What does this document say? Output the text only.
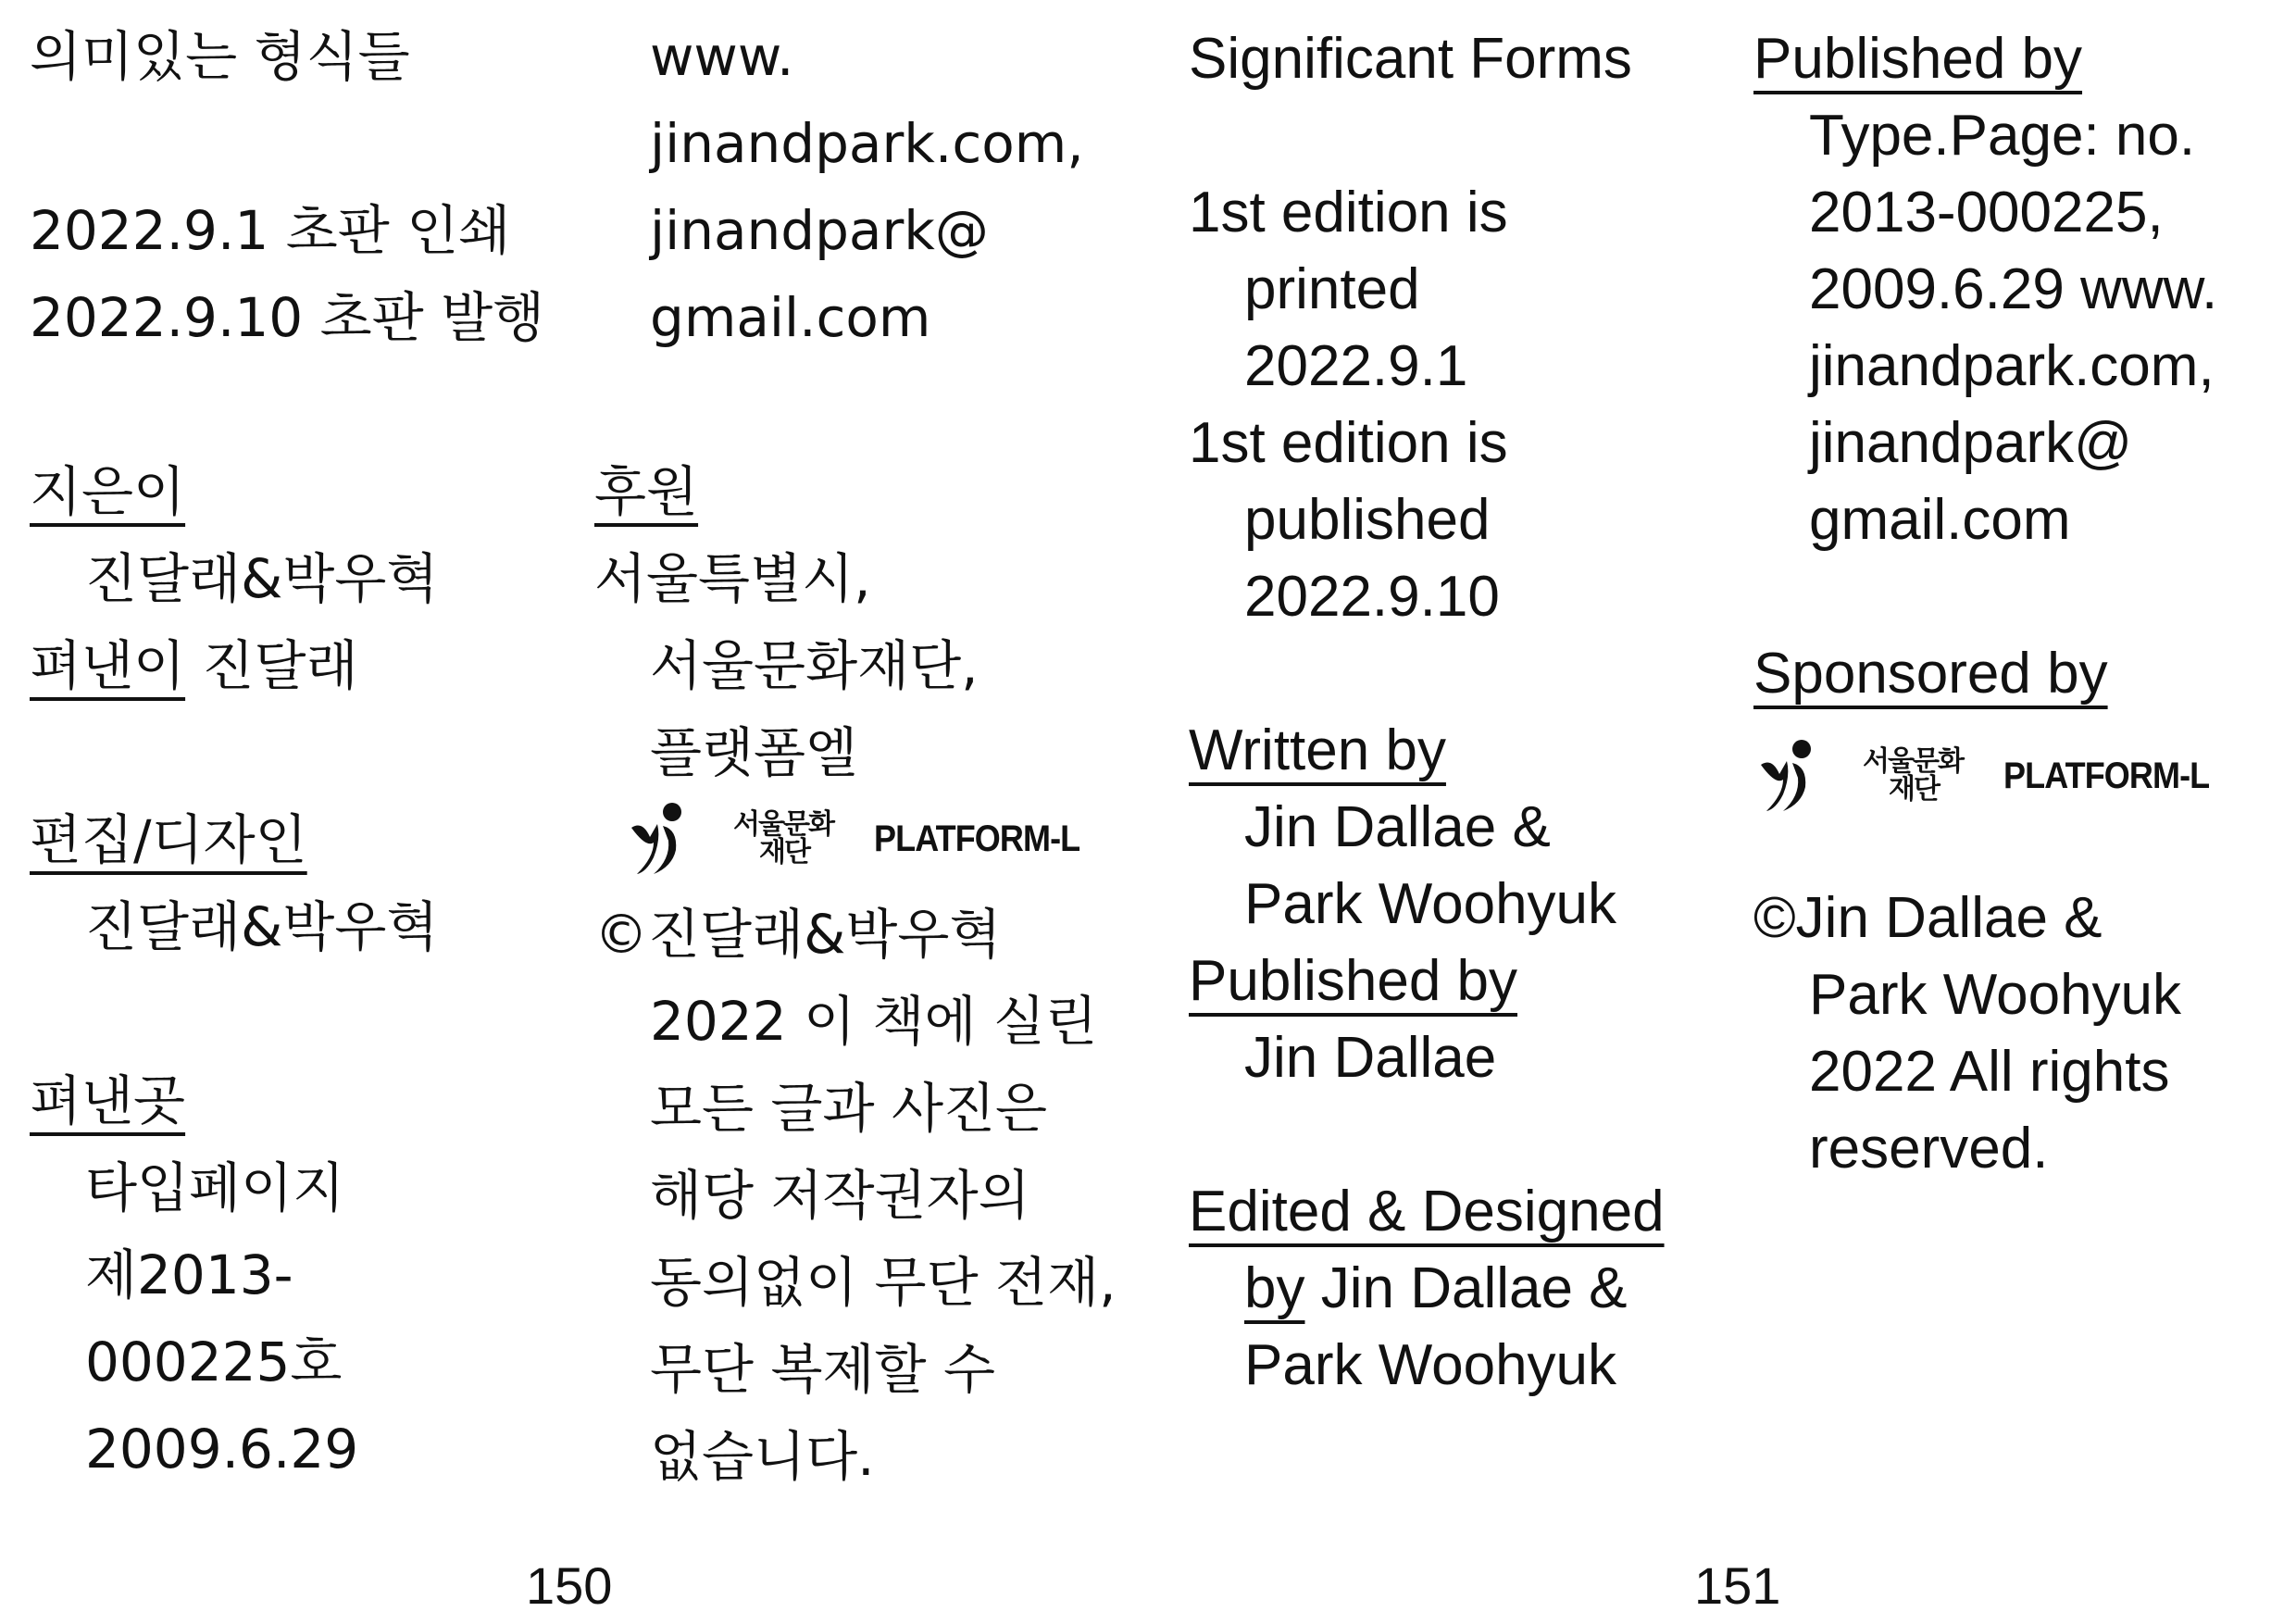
의미있는 형식들

2022.9.1 초판 인쇄
2022.9.10 초판 발행

지은이
진달래&박우혁
펴낸이 진달래

편집/디자인
진달래&박우혁

펴낸곳
타입페이지
제2013-
000225호
2009.6.29
www.
jinandpark.com,
jinandpark@
gmail.com
후원
서울특별시,
서울문화재단,
플랫폼엘
서울문화
재단	PLATFORM-L
©진달래&박우혁
2022 이 책에 실린
모든 글과 사진은
해당 저작권자의
동의없이 무단 전재,
무단 복제할 수
없습니다.
150
Significant Forms

1st edition is
printed
2022.9.1
1st edition is
published
2022.9.10

Written by
Jin Dallae &
Park Woohyuk
Published by
Jin Dallae

Edited & Designed
by Jin Dallae &
Park Woohyuk
Published by
Type.Page: no.
2013-000225,
2009.6.29 www.
jinandpark.com,
jinandpark@
gmail.com

Sponsored by
서울문화
재단	PLATFORM-L
©Jin Dallae &
Park Woohyuk
2022 All rights
reserved.
151
